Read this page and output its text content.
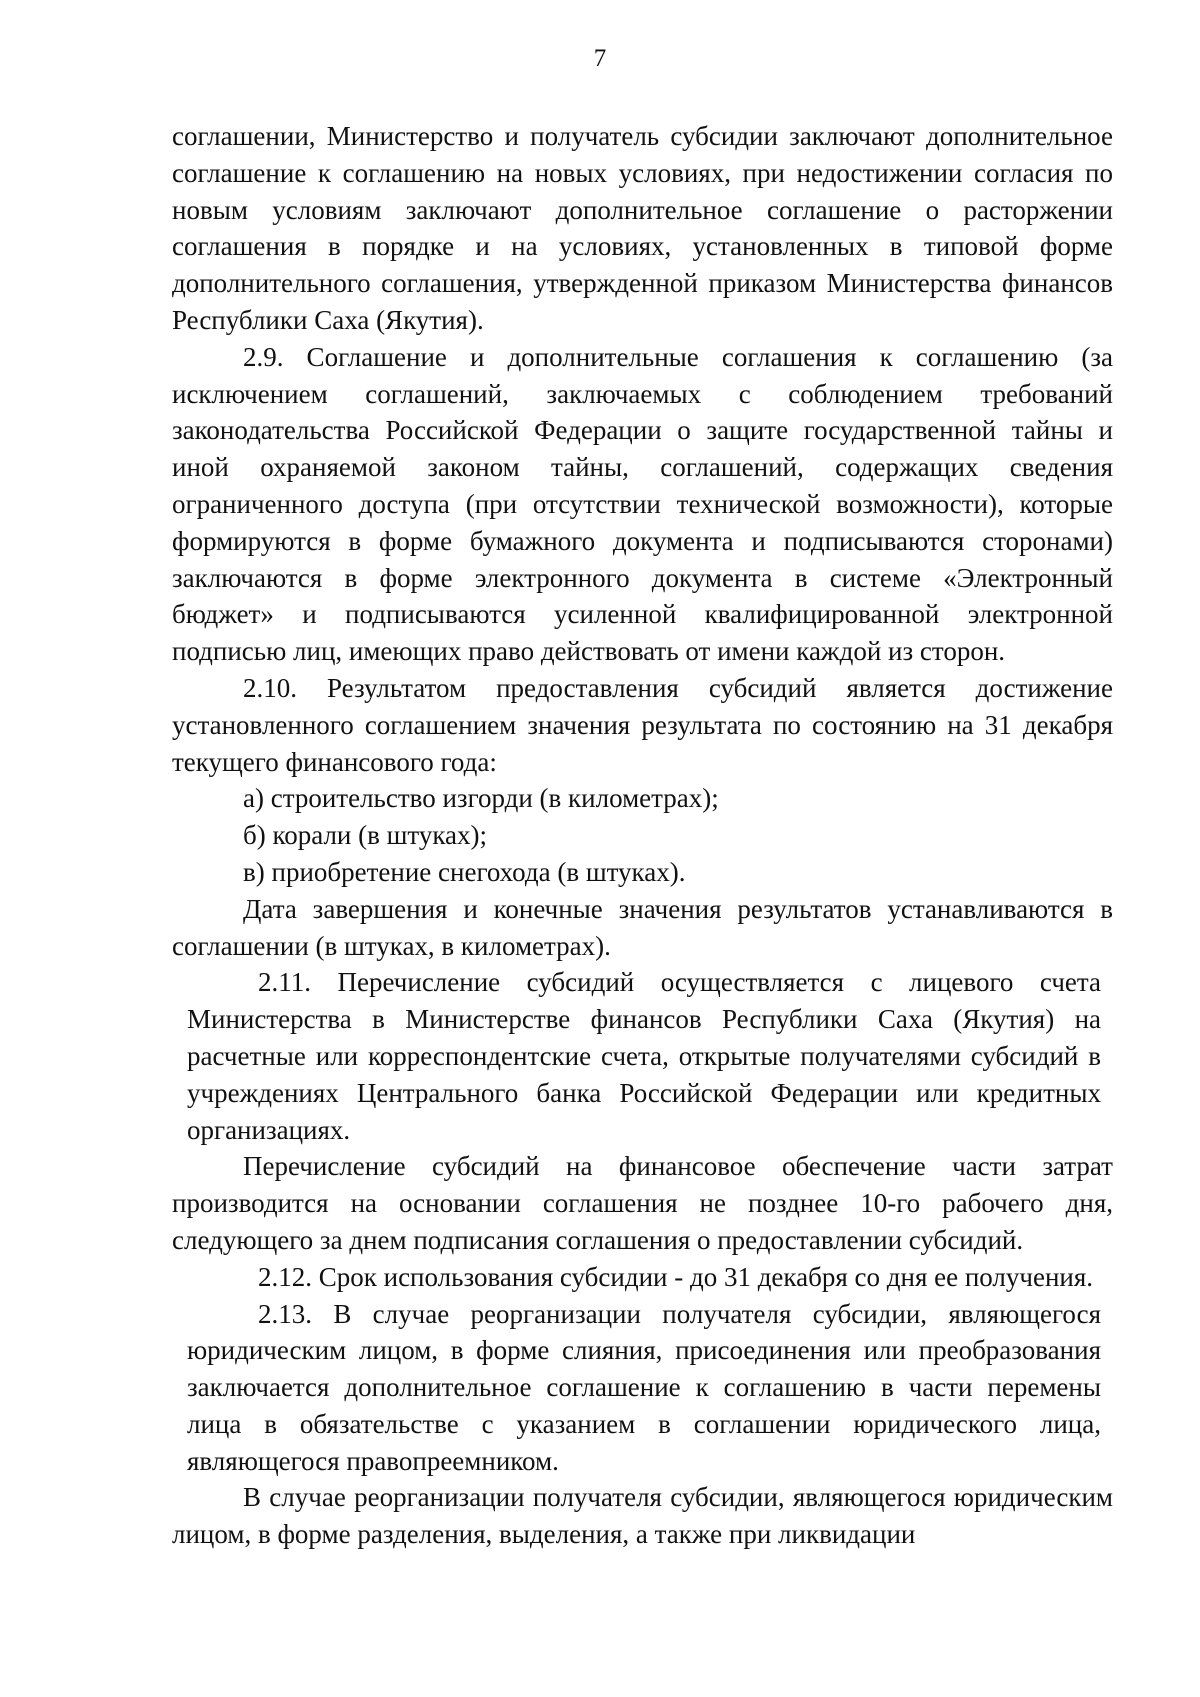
7

соглашении, Министерство и получатель субсидии заключают дополнительное соглашение к соглашению на новых условиях, при недостижении согласия по новым условиям заключают дополнительное соглашение о расторжении соглашения в порядке и на условиях, установленных в типовой форме дополнительного соглашения, утвержденной приказом Министерства финансов Республики Саха (Якутия).

2.9. Соглашение и дополнительные соглашения к соглашению (за исключением соглашений, заключаемых с соблюдением требований законодательства Российской Федерации о защите государственной тайны и иной охраняемой законом тайны, соглашений, содержащих сведения ограниченного доступа (при отсутствии технической возможности), которые формируются в форме бумажного документа и подписываются сторонами) заключаются в форме электронного документа в системе «Электронный бюджет» и подписываются усиленной квалифицированной электронной подписью лиц, имеющих право действовать от имени каждой из сторон.

2.10. Результатом предоставления субсидий является достижение установленного соглашением значения результата по состоянию на 31 декабря текущего финансового года:

а) строительство изгорди (в километрах);

б) корали (в штуках);

в) приобретение снегохода (в штуках).

Дата завершения и конечные значения результатов устанавливаются в соглашении (в штуках, в километрах).

2.11. Перечисление субсидий осуществляется с лицевого счета Министерства в Министерстве финансов Республики Саха (Якутия) на расчетные или корреспондентские счета, открытые получателями субсидий в учреждениях Центрального банка Российской Федерации или кредитных организациях.

Перечисление субсидий на финансовое обеспечение части затрат производится на основании соглашения не позднее 10-го рабочего дня, следующего за днем подписания соглашения о предоставлении субсидий.

2.12. Срок использования субсидии - до 31 декабря со дня ее получения.

2.13. В случае реорганизации получателя субсидии, являющегося юридическим лицом, в форме слияния, присоединения или преобразования заключается дополнительное соглашение к соглашению в части перемены лица в обязательстве с указанием в соглашении юридического лица, являющегося правопреемником.

В случае реорганизации получателя субсидии, являющегося юридическим лицом, в форме разделения, выделения, а также при ликвидации
